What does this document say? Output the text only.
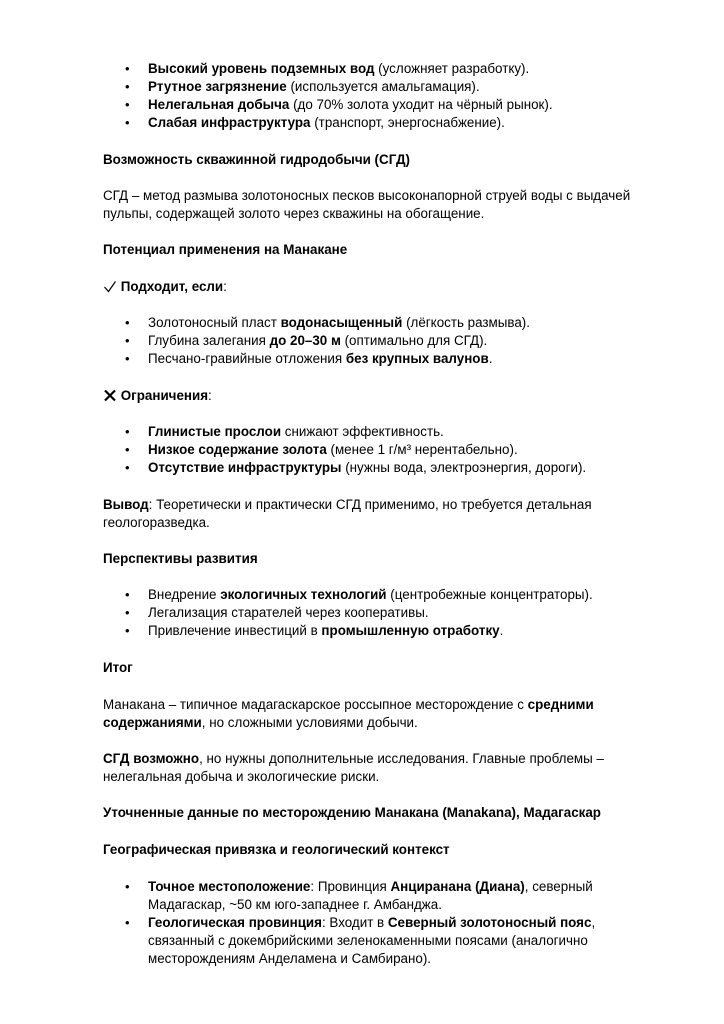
• Высокий уровень подземных вод (усложняет разработку).
• Ртутное загрязнение (используется амальгамация).
• Нелегальная добыча (до 70% золота уходит на чёрный рынок).
• Слабая инфраструктура (транспорт, энергоснабжение).

Возможность скважинной гидродобычи (СГД)

СГД – метод размыва золотоносных песков высоконапорной струей воды с выдачей пульпы, содержащей золото через скважины на обогащение.

Потенциал применения на Манакане

Подходит, если:

• Золотоносный пласт водонасыщенный (лёгкость размыва).
• Глубина залегания до 20–30 м (оптимально для СГД).
• Песчано-гравийные отложения без крупных валунов.

Ограничения:

• Глинистые прослои снижают эффективность.
• Низкое содержание золота (менее 1 г/м³ нерентабельно).
• Отсутствие инфраструктуры (нужны вода, электроэнергия, дороги).

Вывод: Теоретически и практически СГД применимо, но требуется детальная геологоразведка.

Перспективы развития

• Внедрение экологичных технологий (центробежные концентраторы).
• Легализация старателей через кооперативы.
• Привлечение инвестиций в промышленную отработку.

Итог

Манакана – типичное мадагаскарское россыпное месторождение с средними содержаниями, но сложными условиями добычи.

СГД возможно, но нужны дополнительные исследования. Главные проблемы – нелегальная добыча и экологические риски.

Уточненные данные по месторождению Манакана (Manakana), Мадагаскар

Географическая привязка и геологический контекст

• Точное местоположение: Провинция Анциранана (Диана), северный Мадагаскар, ~50 км юго-западнее г. Амбанджа.
• Геологическая провинция: Входит в Северный золотоносный пояс, связанный с докембрийскими зеленокаменными поясами (аналогично месторождениям Анделамена и Самбирано).
